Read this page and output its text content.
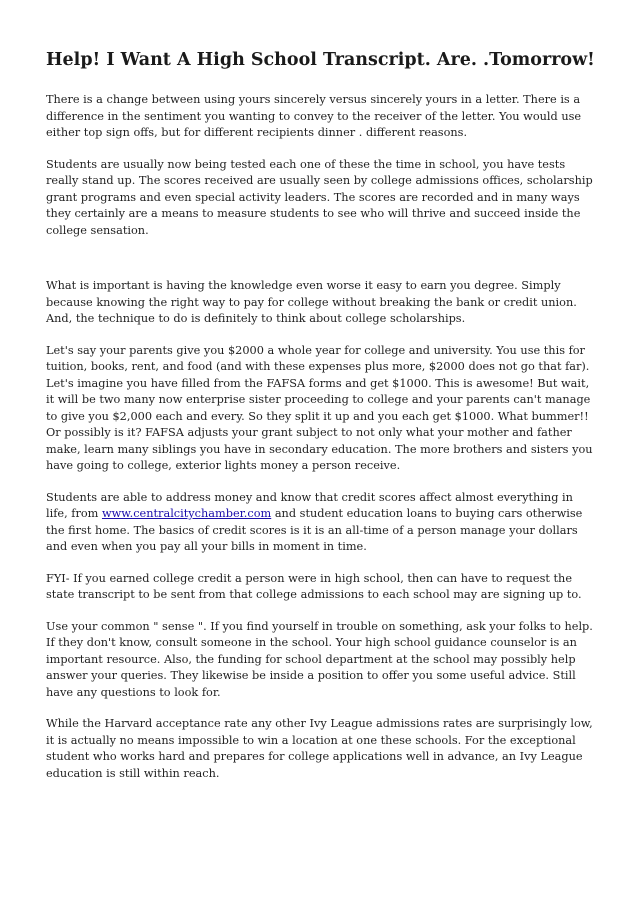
Help! I Want A High School Transcript. Are. .Tomorrow!

There is a change between using yours sincerely versus sincerely yours in a letter. There is a difference in the sentiment you wanting to convey to the receiver of the letter. You would use either top sign offs, but for different recipients dinner . different reasons.

Students are usually now being tested each one of these the time in school, you have tests really stand up. The scores received are usually seen by college admissions offices, scholarship grant programs and even special activity leaders. The scores are recorded and in many ways they certainly are a means to measure students to see who will thrive and succeed inside the college sensation.

What is important is having the knowledge even worse it easy to earn you degree. Simply because knowing the right way to pay for college without breaking the bank or credit union. And, the technique to do is definitely to think about college scholarships.

Let's say your parents give you $2000 a whole year for college and university. You use this for tuition, books, rent, and food (and with these expenses plus more, $2000 does not go that far). Let's imagine you have filled from the FAFSA forms and get $1000. This is awesome! But wait, it will be two many now enterprise sister proceeding to college and your parents can't manage to give you $2,000 each and every. So they split it up and you each get $1000. What bummer!! Or possibly is it? FAFSA adjusts your grant subject to not only what your mother and father make, learn many siblings you have in secondary education. The more brothers and sisters you have going to college, exterior lights money a person receive.

Students are able to address money and know that credit scores affect almost everything in life, from www.centralcitychamber.com and student education loans to buying cars otherwise the first home. The basics of credit scores is it is an all-time of a person manage your dollars and even when you pay all your bills in moment in time.

FYI- If you earned college credit a person were in high school, then can have to request the state transcript to be sent from that college admissions to each school may are signing up to.

Use your common " sense ". If you find yourself in trouble on something, ask your folks to help. If they don't know, consult someone in the school. Your high school guidance counselor is an important resource. Also, the funding for school department at the school may possibly help answer your queries. They likewise be inside a position to offer you some useful advice. Still have any questions to look for.

While the Harvard acceptance rate any other Ivy League admissions rates are surprisingly low, it is actually no means impossible to win a location at one these schools. For the exceptional student who works hard and prepares for college applications well in advance, an Ivy League education is still within reach.
